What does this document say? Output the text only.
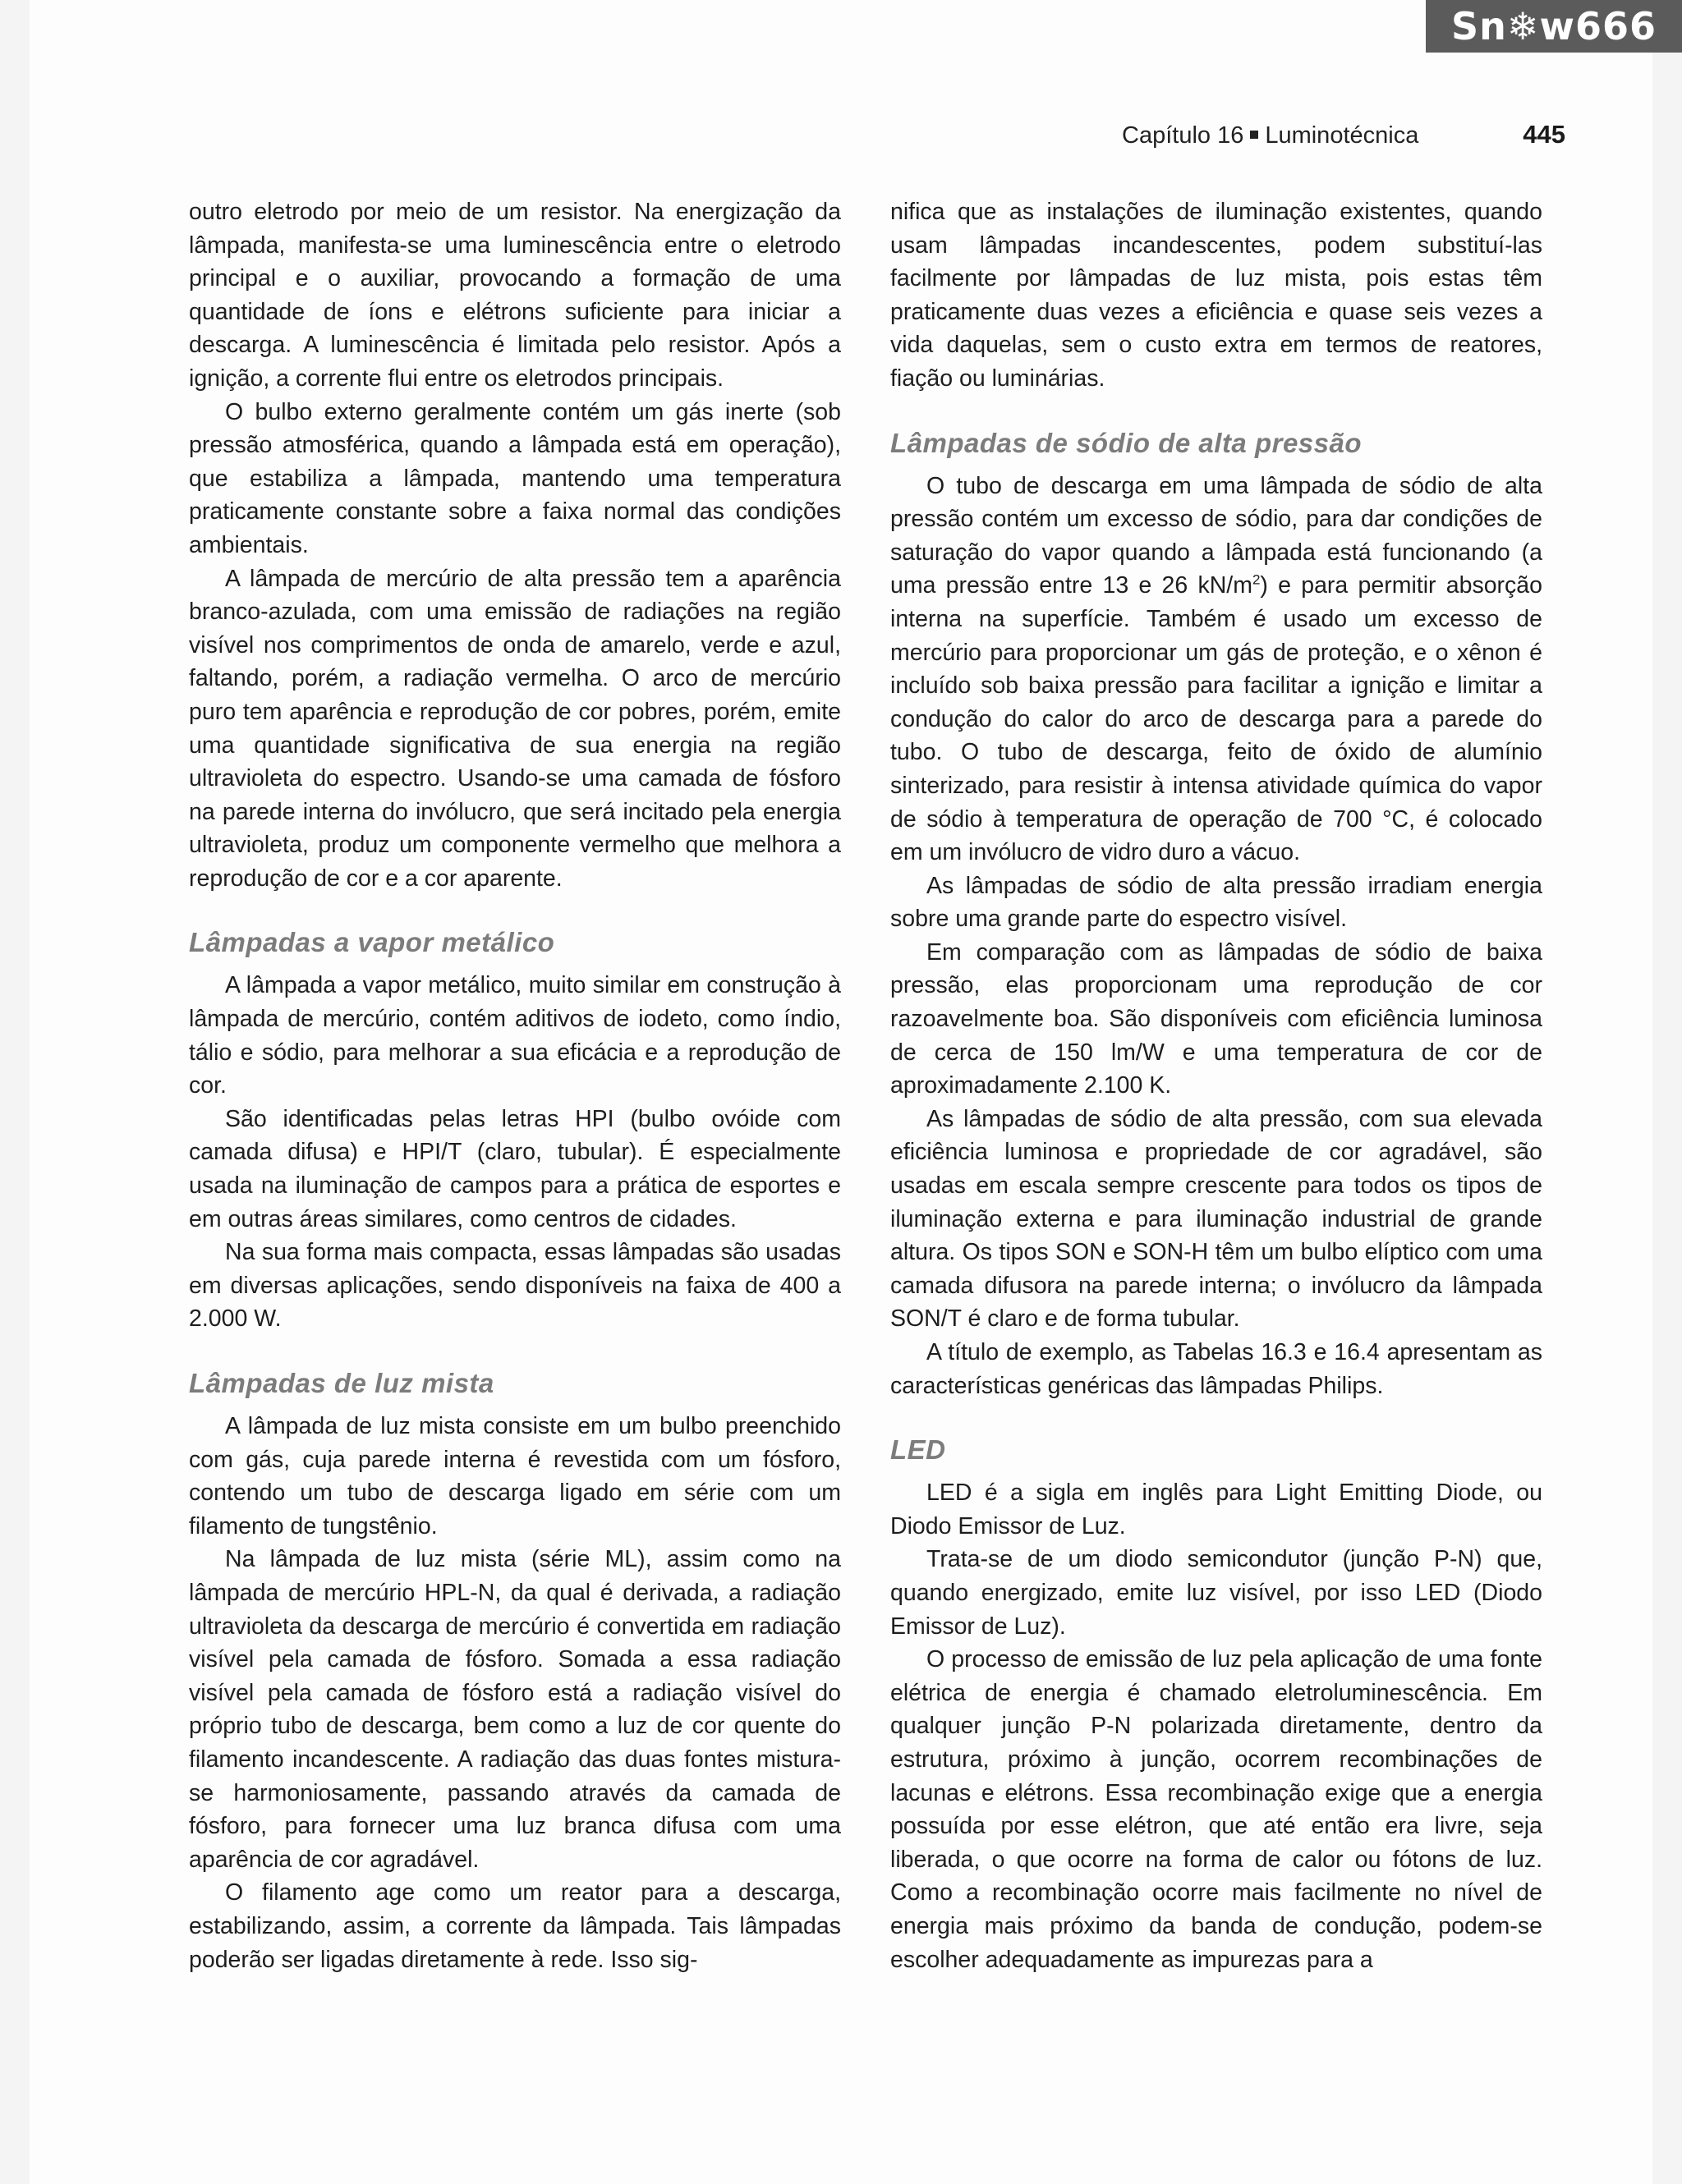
Capítulo 16 Luminotécnica	445

outro eletrodo por meio de um resistor. Na energização da lâmpada, manifesta-se uma luminescência entre o eletrodo principal e o auxiliar, provocando a formação de uma quantidade de íons e elétrons suficiente para iniciar a descarga. A luminescência é limitada pelo resistor. Após a ignição, a corrente flui entre os eletrodos principais.

O bulbo externo geralmente contém um gás inerte (sob pressão atmosférica, quando a lâmpada está em operação), que estabiliza a lâmpada, mantendo uma temperatura praticamente constante sobre a faixa normal das condições ambientais.

A lâmpada de mercúrio de alta pressão tem a aparência branco-azulada, com uma emissão de radiações na região visível nos comprimentos de onda de amarelo, verde e azul, faltando, porém, a radiação vermelha. O arco de mercúrio puro tem aparência e reprodução de cor pobres, porém, emite uma quantidade significativa de sua energia na região ultravioleta do espectro. Usando-se uma camada de fósforo na parede interna do invólucro, que será incitado pela energia ultravioleta, produz um componente vermelho que melhora a reprodução de cor e a cor aparente.

Lâmpadas a vapor metálico

A lâmpada a vapor metálico, muito similar em construção à lâmpada de mercúrio, contém aditivos de iodeto, como índio, tálio e sódio, para melhorar a sua eficácia e a reprodução de cor.

São identificadas pelas letras HPI (bulbo ovóide com camada difusa) e HPI/T (claro, tubular). É especialmente usada na iluminação de campos para a prática de esportes e em outras áreas similares, como centros de cidades.

Na sua forma mais compacta, essas lâmpadas são usadas em diversas aplicações, sendo disponíveis na faixa de 400 a 2.000 W.

Lâmpadas de luz mista

A lâmpada de luz mista consiste em um bulbo preenchido com gás, cuja parede interna é revestida com um fósforo, contendo um tubo de descarga ligado em série com um filamento de tungstênio.

Na lâmpada de luz mista (série ML), assim como na lâmpada de mercúrio HPL-N, da qual é derivada, a radiação ultravioleta da descarga de mercúrio é convertida em radiação visível pela camada de fósforo. Somada a essa radiação visível pela camada de fósforo está a radiação visível do próprio tubo de descarga, bem como a luz de cor quente do filamento incandescente. A radiação das duas fontes mistura-se harmoniosamente, passando através da camada de fósforo, para fornecer uma luz branca difusa com uma aparência de cor agradável.

O filamento age como um reator para a descarga, estabilizando, assim, a corrente da lâmpada. Tais lâmpadas poderão ser ligadas diretamente à rede. Isso sig-

nifica que as instalações de iluminação existentes, quando usam lâmpadas incandescentes, podem substituí-las facilmente por lâmpadas de luz mista, pois estas têm praticamente duas vezes a eficiência e quase seis vezes a vida daquelas, sem o custo extra em termos de reatores, fiação ou luminárias.

Lâmpadas de sódio de alta pressão

O tubo de descarga em uma lâmpada de sódio de alta pressão contém um excesso de sódio, para dar condições de saturação do vapor quando a lâmpada está funcionando (a uma pressão entre 13 e 26 $kN/m^2$) e para permitir absorção interna na superfície. Também é usado um excesso de mercúrio para proporcionar um gás de proteção, e o xênon é incluído sob baixa pressão para facilitar a ignição e limitar a condução do calor do arco de descarga para a parede do tubo. O tubo de descarga, feito de óxido de alumínio sinterizado, para resistir à intensa atividade química do vapor de sódio à temperatura de operação de 700 °C, é colocado em um invólucro de vidro duro a vácuo.

As lâmpadas de sódio de alta pressão irradiam energia sobre uma grande parte do espectro visível.

Em comparação com as lâmpadas de sódio de baixa pressão, elas proporcionam uma reprodução de cor razoavelmente boa. São disponíveis com eficiência luminosa de cerca de 150 lm/W e uma temperatura de cor de aproximadamente 2.100 K.

As lâmpadas de sódio de alta pressão, com sua elevada eficiência luminosa e propriedade de cor agradável, são usadas em escala sempre crescente para todos os tipos de iluminação externa e para iluminação industrial de grande altura. Os tipos SON e SON-H têm um bulbo elíptico com uma camada difusora na parede interna; o invólucro da lâmpada SON/T é claro e de forma tubular.

A título de exemplo, as Tabelas 16.3 e 16.4 apresentam as características genéricas das lâmpadas Philips.

LED

LED é a sigla em inglês para Light Emitting Diode, ou Diodo Emissor de Luz.

Trata-se de um diodo semicondutor (junção P-N) que, quando energizado, emite luz visível, por isso LED (Diodo Emissor de Luz).

O processo de emissão de luz pela aplicação de uma fonte elétrica de energia é chamado eletroluminescência. Em qualquer junção P-N polarizada diretamente, dentro da estrutura, próximo à junção, ocorrem recombinações de lacunas e elétrons. Essa recombinação exige que a energia possuída por esse elétron, que até então era livre, seja liberada, o que ocorre na forma de calor ou fótons de luz. Como a recombinação ocorre mais facilmente no nível de energia mais próximo da banda de condução, podem-se escolher adequadamente as impurezas para a

Sn❄w666
